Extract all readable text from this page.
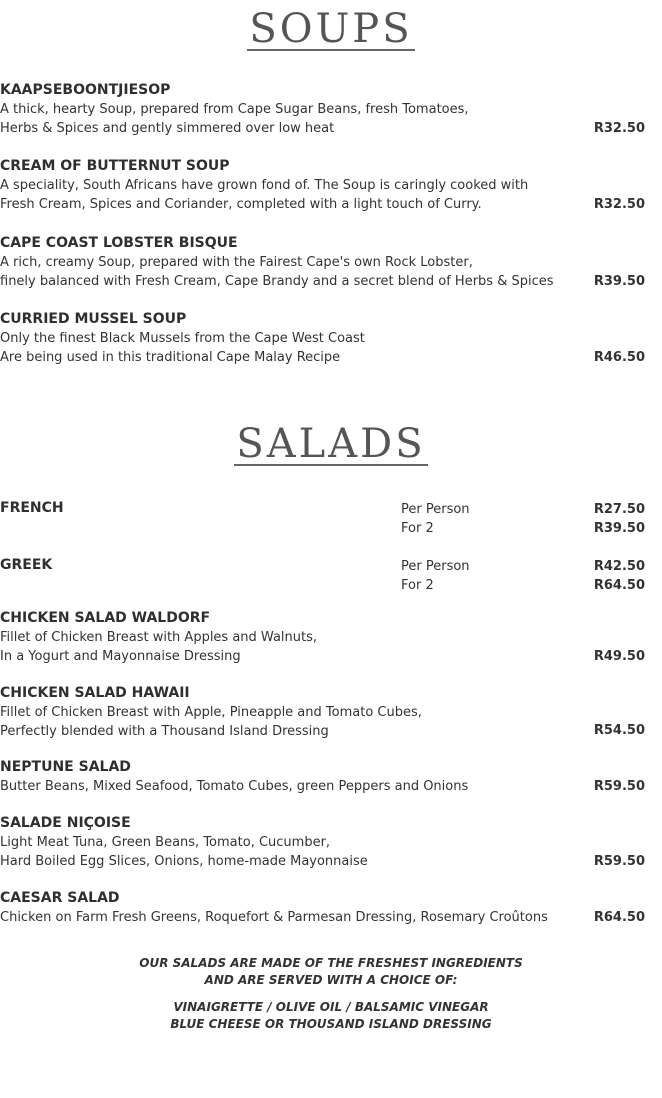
SOUPS
KAAPSEBOONTJIESOP
A thick, hearty Soup, prepared from Cape Sugar Beans, fresh Tomatoes,
Herbs & Spices and gently simmered over low heat	R32.50
CREAM OF BUTTERNUT SOUP
A speciality, South Africans have grown fond of. The Soup is caringly cooked with
Fresh Cream, Spices and Coriander, completed with a light touch of Curry.	R32.50
CAPE COAST LOBSTER BISQUE
A rich, creamy Soup, prepared with the Fairest Cape's own Rock Lobster,
finely balanced with Fresh Cream, Cape Brandy and a secret blend of Herbs & Spices	R39.50
CURRIED MUSSEL SOUP
Only the finest Black Mussels from the Cape West Coast
Are being used in this traditional Cape Malay Recipe	R46.50
SALADS
FRENCH	Per Person	R27.50
For 2	R39.50
GREEK	Per Person	R42.50
For 2	R64.50
CHICKEN SALAD WALDORF
Fillet of Chicken Breast with Apples and Walnuts,
In a Yogurt and Mayonnaise Dressing	R49.50
CHICKEN SALAD HAWAII
Fillet of Chicken Breast with Apple, Pineapple and Tomato Cubes,
Perfectly blended with a Thousand Island Dressing	R54.50
NEPTUNE SALAD
Butter Beans, Mixed Seafood, Tomato Cubes, green Peppers and Onions	R59.50
SALADE NIÇOISE
Light Meat Tuna, Green Beans, Tomato, Cucumber,
Hard Boiled Egg Slices, Onions, home-made Mayonnaise	R59.50
CAESAR SALAD
Chicken on Farm Fresh Greens, Roquefort & Parmesan Dressing, Rosemary Croûtons	R64.50
OUR SALADS ARE MADE OF THE FRESHEST INGREDIENTS
AND ARE SERVED WITH A CHOICE OF:
VINAIGRETTE / OLIVE OIL / BALSAMIC VINEGAR
BLUE CHEESE OR THOUSAND ISLAND DRESSING
